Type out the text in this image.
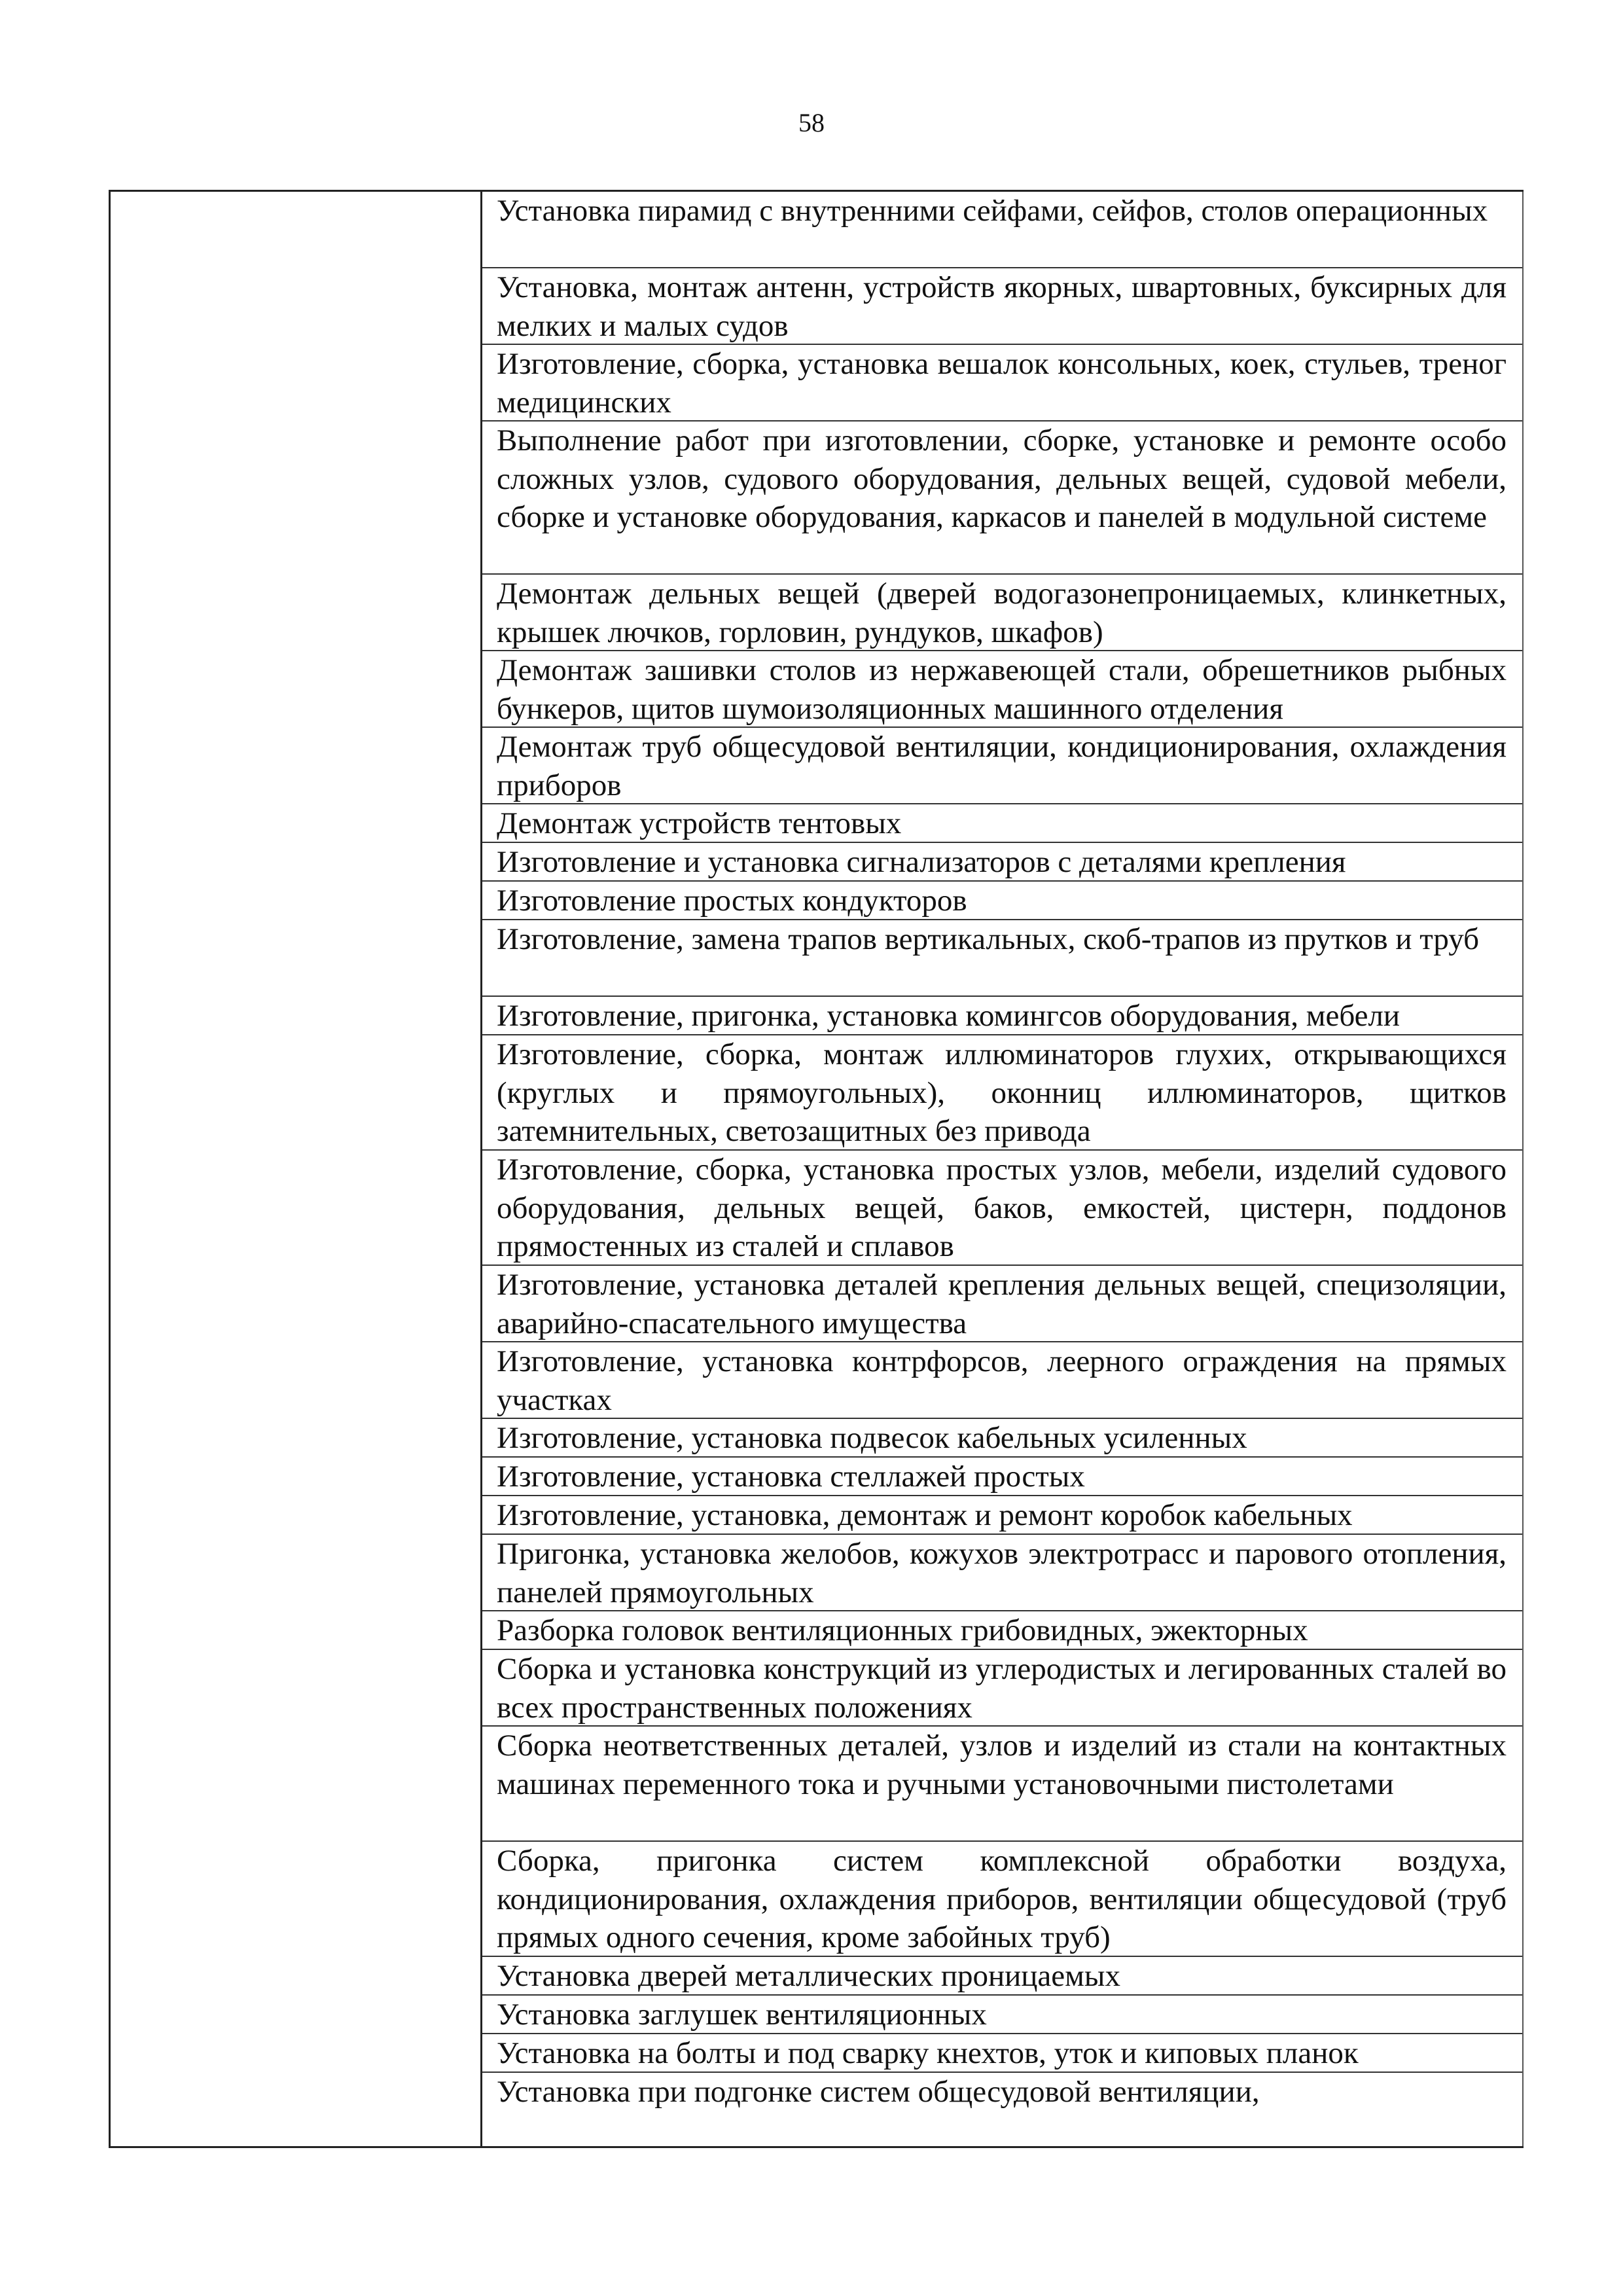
58
Установка пирамид с внутренними сейфами, сейфов, столов операционных
Установка, монтаж антенн, устройств якорных, швартовных, буксирных для мелких и малых судов
Изготовление, сборка, установка вешалок консольных, коек, стульев, треног медицинских
Выполнение работ при изготовлении, сборке, установке и ремонте особо сложных узлов, судового оборудования, дельных вещей, судовой мебели, сборке и установке оборудования, каркасов и панелей в модульной системе
Демонтаж дельных вещей (дверей водогазонепроницаемых, клинкетных, крышек лючков, горловин, рундуков, шкафов)
Демонтаж зашивки столов из нержавеющей стали, обрешетников рыбных бункеров, щитов шумоизоляционных машинного отделения
Демонтаж труб общесудовой вентиляции, кондиционирования, охлаждения приборов
Демонтаж устройств тентовых
Изготовление и установка сигнализаторов с деталями крепления
Изготовление простых кондукторов
Изготовление, замена трапов вертикальных, скоб-трапов из прутков и труб
Изготовление, пригонка, установка комингсов оборудования, мебели
Изготовление, сборка, монтаж иллюминаторов глухих, открывающихся (круглых и прямоугольных), оконниц иллюминаторов, щитков затемнительных, светозащитных без привода
Изготовление, сборка, установка простых узлов, мебели, изделий судового оборудования, дельных вещей, баков, емкостей, цистерн, поддонов прямостенных из сталей и сплавов
Изготовление, установка деталей крепления дельных вещей, специзоляции, аварийно-спасательного имущества
Изготовление, установка контрфорсов, леерного ограждения на прямых участках
Изготовление, установка подвесок кабельных усиленных
Изготовление, установка стеллажей простых
Изготовление, установка, демонтаж и ремонт коробок кабельных
Пригонка, установка желобов, кожухов электротрасс и парового отопления, панелей прямоугольных
Разборка головок вентиляционных грибовидных, эжекторных
Сборка и установка конструкций из углеродистых и легированных сталей во всех пространственных положениях
Сборка неответственных деталей, узлов и изделий из стали на контактных машинах переменного тока и ручными установочными пистолетами
Сборка, пригонка систем комплексной обработки воздуха, кондиционирования, охлаждения приборов, вентиляции общесудовой (труб прямых одного сечения, кроме забойных труб)
Установка дверей металлических проницаемых
Установка заглушек вентиляционных
Установка на болты и под сварку кнехтов, уток и киповых планок
Установка при подгонке систем общесудовой вентиляции,
